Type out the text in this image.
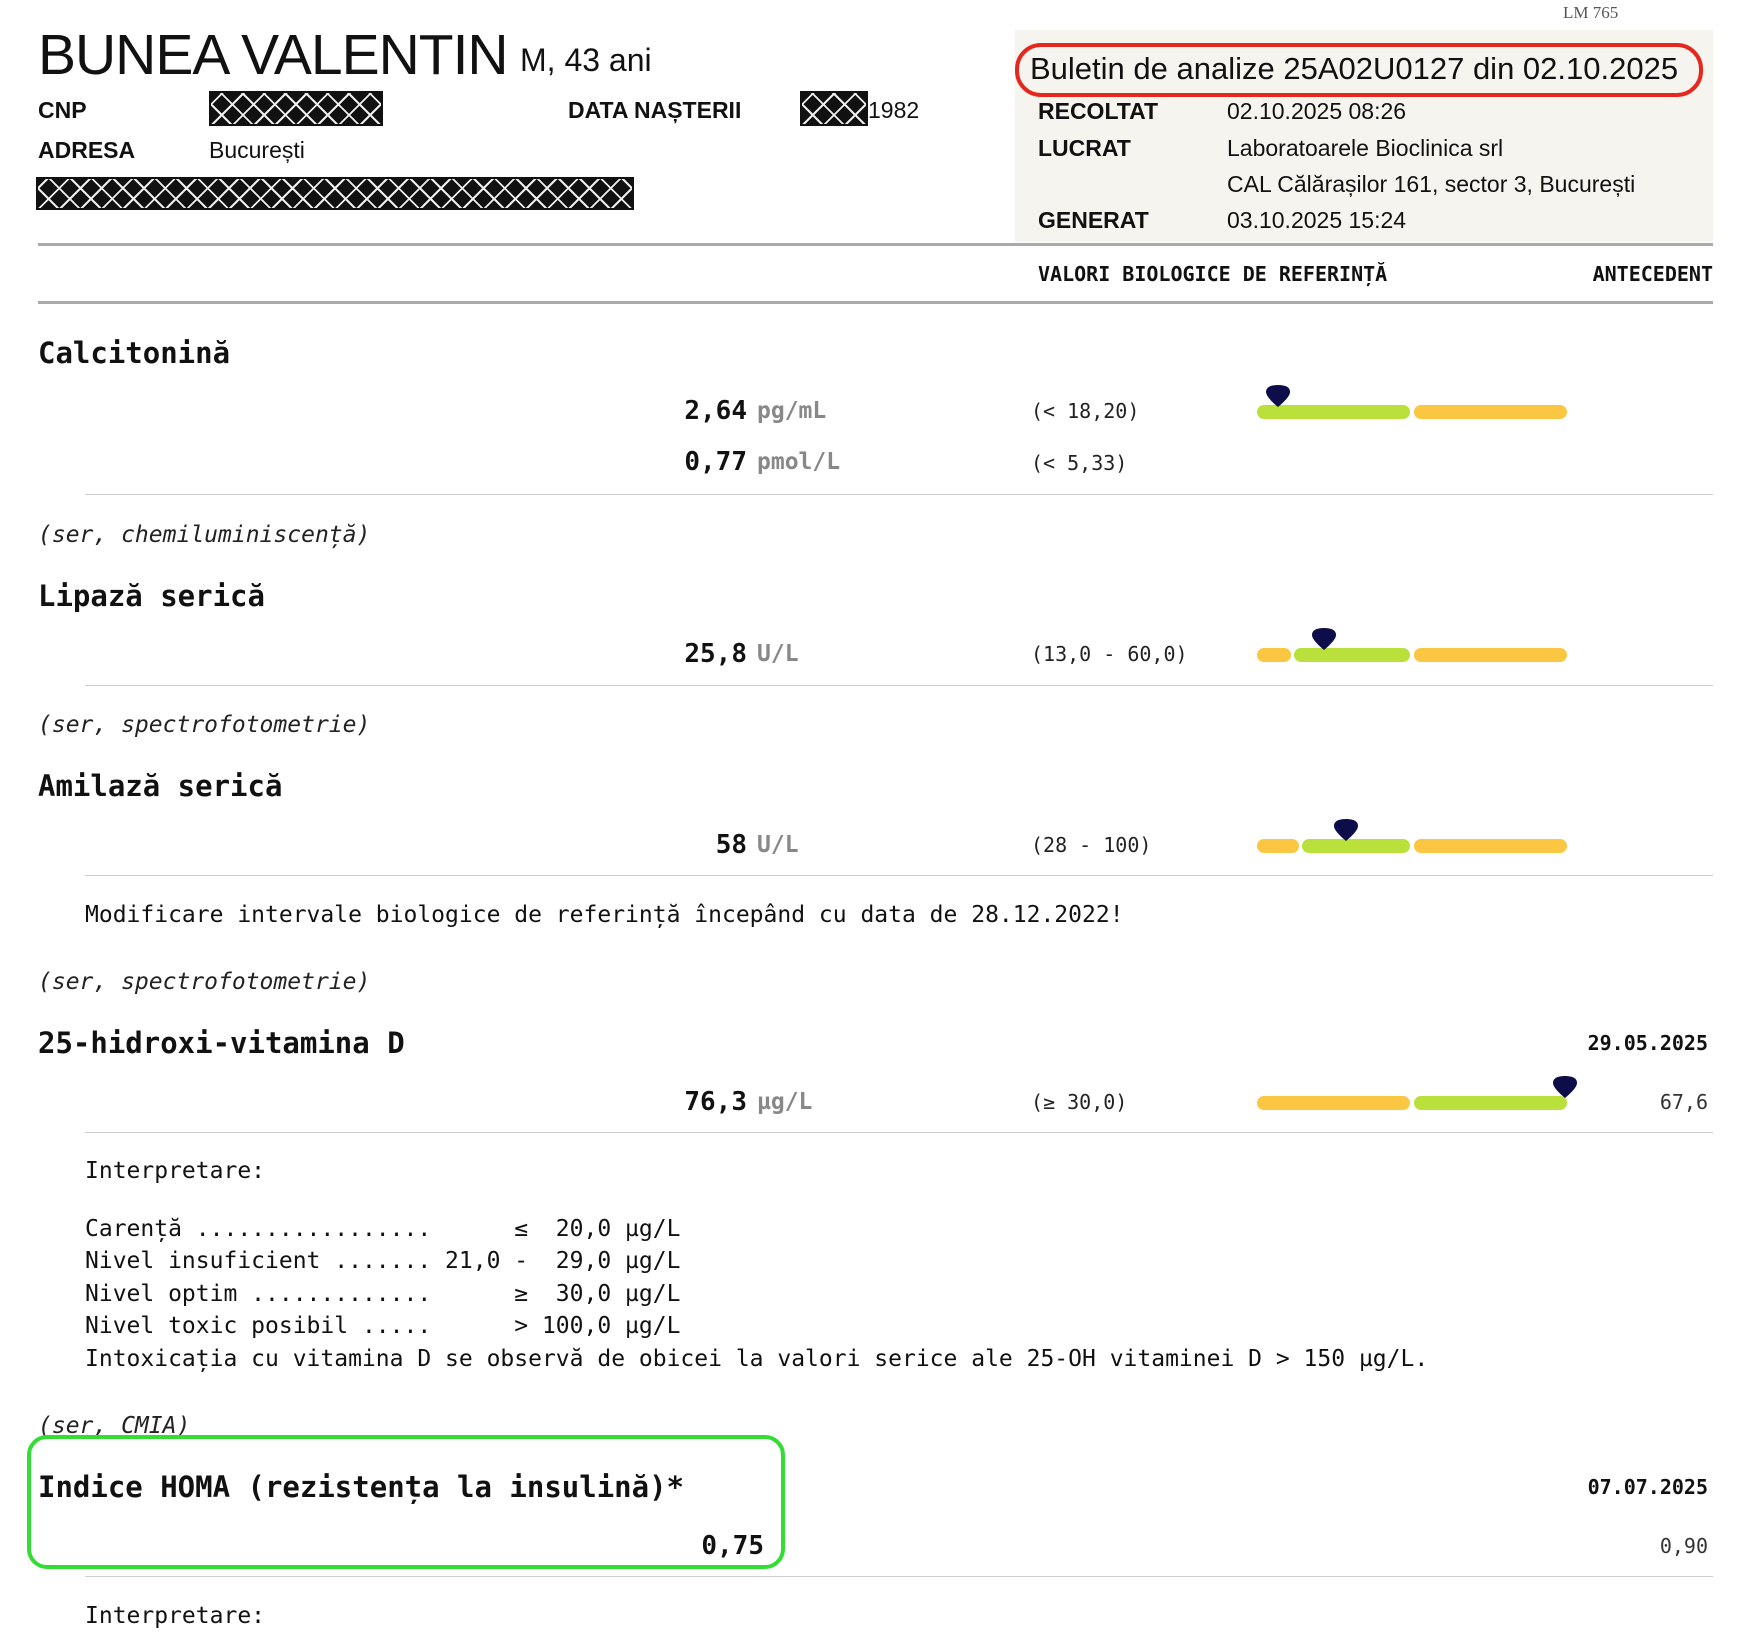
LM 765
BUNEA VALENTIN M, 43 ani
CNP	DATA NAȘTERII	1982
ADRESA	București
Buletin de analize 25A02U0127 din 02.10.2025
RECOLTAT	02.10.2025 08:26
LUCRAT	Laboratoarele Bioclinica srl
CAL Călărașilor 161, sector 3, București
GENERAT	03.10.2025 15:24
VALORI BIOLOGICE DE REFERINȚĂ	ANTECEDENT
Calcitonină
2,64 pg/mL	(< 18,20)
0,77 pmol/L	(< 5,33)
(ser, chemiluminiscență)
Lipază serică
25,8 U/L	(13,0 - 60,0)
(ser, spectrofotometrie)
Amilază serică
58 U/L	(28 - 100)
Modificare intervale biologice de referință începând cu data de 28.12.2022!
(ser, spectrofotometrie)
25-hidroxi-vitamina D	29.05.2025
76,3 µg/L	(≥ 30,0)	67,6
Interpretare:
Carență .................      ≤  20,0 µg/L
Nivel insuficient ....... 21,0 -  29,0 µg/L
Nivel optim .............      ≥  30,0 µg/L
Nivel toxic posibil .....      > 100,0 µg/L
Intoxicația cu vitamina D se observă de obicei la valori serice ale 25-OH vitaminei D > 150 µg/L.
(ser, CMIA)
Indice HOMA (rezistența la insulină)*	07.07.2025
0,75	0,90
Interpretare:
